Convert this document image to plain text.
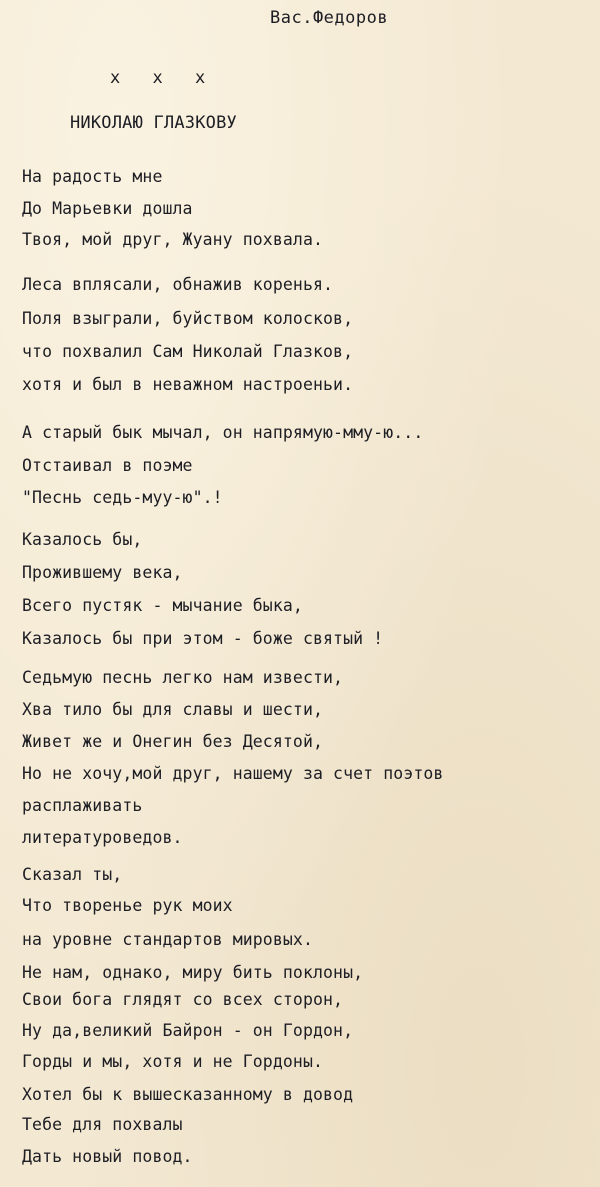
Вас.Федоров
x x x
НИКОЛАЮ ГЛАЗКОВУ
На радость мне
До Марьевки дошла
Твоя, мой друг, Жуану похвала.
Леса вплясали, обнажив коренья.
Поля взыграли, буйством колосков,
что похвалил Сам Николай Глазков,
хотя и был в неважном настроеньи.
А старый бык мычал, он напрямую-мму-ю...
Отстаивал в поэме
"Песнь седь-муу-ю".!
Казалось бы,
Прожившему века,
Всего пустяк - мычание быка,
Казалось бы при этом - боже святый !
Седьмую песнь легко нам извести,
Хва тило бы для славы и шести,
Живет же и Онегин без Десятой,
Но не хочу,мой друг, нашему за счет поэтов
расплаживать
литературоведов.
Сказал ты,
Что творенье рук моих
на уровне стандартов мировых.
Не нам, однако, миру бить поклоны,
Свои богa глядят со всех сторон,
Ну да,великий Байрон - он Гордон,
Горды и мы, хотя и не Гордоны.
Хотел бы к вышесказанному в довод
Тебе для похвалы
Дать новый повод.
